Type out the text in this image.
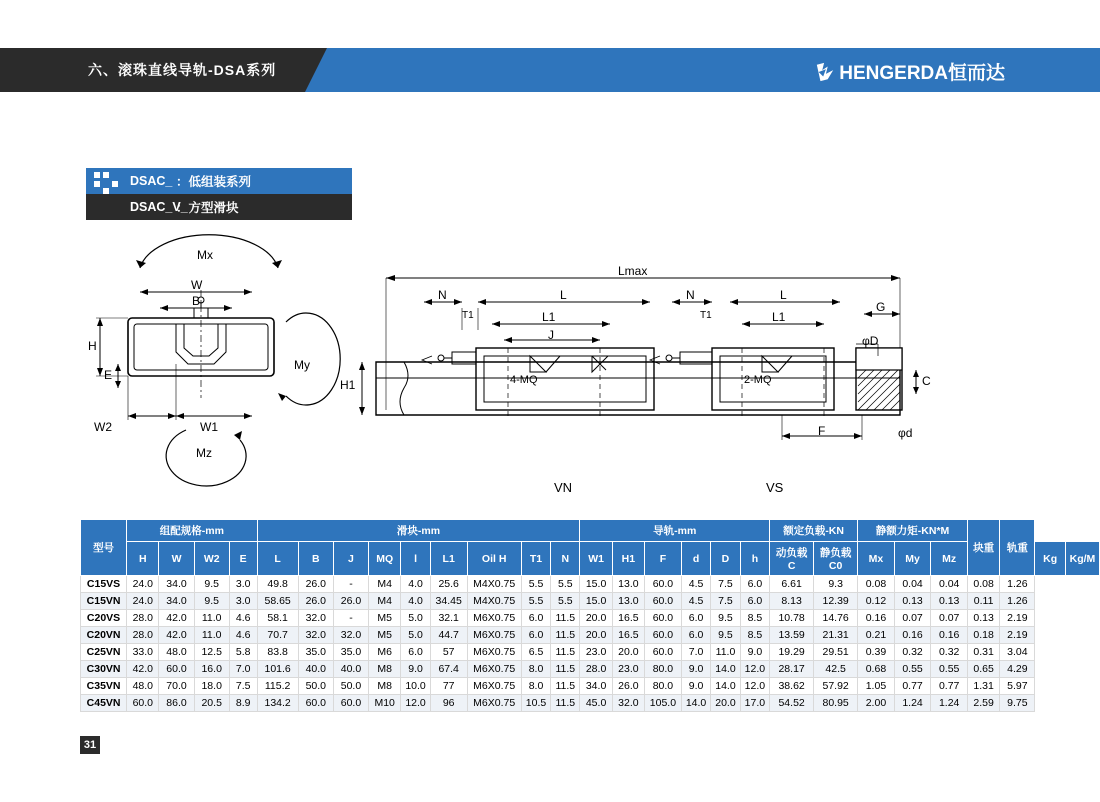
六、滚珠直线导轨-DSA系列	HENGERDA恒而达
DSAC_ ：低组装系列
DSAC_V_
：方型滑块
Mx
W
B
H
E
W2	W1
My
Mz
Lmax
N	L
T1	L1
J
N	L
T1	L1
H1	4-MQ	2-MQ
G
φD
C
φd
F
VN	VS
型号	组配规格-mm				滑块-mm									导轨-mm						额定负载-KN		静额力矩-KN*M			块重	轨重		
	H	W	W2	E	L	B	J	MQ	l	L1	Oil H	T1	N	W1	H1	F	d	D	h	动负载C	静负载C0	Mx	My	Mz			Kg	Kg/M
C15VS	24.0	34.0	9.5	3.0	49.8	26.0	-	M4	4.0	25.6	M4X0.75	5.5	5.5	15.0	13.0	60.0	4.5	7.5	6.0	6.61	9.3	0.08	0.04	0.04	0.08	1.26		
C15VN	24.0	34.0	9.5	3.0	58.65	26.0	26.0	M4	4.0	34.45	M4X0.75	5.5	5.5	15.0	13.0	60.0	4.5	7.5	6.0	8.13	12.39	0.12	0.13	0.13	0.11	1.26		
C20VS	28.0	42.0	11.0	4.6	58.1	32.0	-	M5	5.0	32.1	M6X0.75	6.0	11.5	20.0	16.5	60.0	6.0	9.5	8.5	10.78	14.76	0.16	0.07	0.07	0.13	2.19		
C20VN	28.0	42.0	11.0	4.6	70.7	32.0	32.0	M5	5.0	44.7	M6X0.75	6.0	11.5	20.0	16.5	60.0	6.0	9.5	8.5	13.59	21.31	0.21	0.16	0.16	0.18	2.19		
C25VN	33.0	48.0	12.5	5.8	83.8	35.0	35.0	M6	6.0	57	M6X0.75	6.5	11.5	23.0	20.0	60.0	7.0	11.0	9.0	19.29	29.51	0.39	0.32	0.32	0.31	3.04		
C30VN	42.0	60.0	16.0	7.0	101.6	40.0	40.0	M8	9.0	67.4	M6X0.75	8.0	11.5	28.0	23.0	80.0	9.0	14.0	12.0	28.17	42.5	0.68	0.55	0.55	0.65	4.29		
C35VN	48.0	70.0	18.0	7.5	115.2	50.0	50.0	M8	10.0	77	M6X0.75	8.0	11.5	34.0	26.0	80.0	9.0	14.0	12.0	38.62	57.92	1.05	0.77	0.77	1.31	5.97		
C45VN	60.0	86.0	20.5	8.9	134.2	60.0	60.0	M10	12.0	96	M6X0.75	10.5	11.5	45.0	32.0	105.0	14.0	20.0	17.0	54.52	80.95	2.00	1.24	1.24	2.59	9.75		
31
